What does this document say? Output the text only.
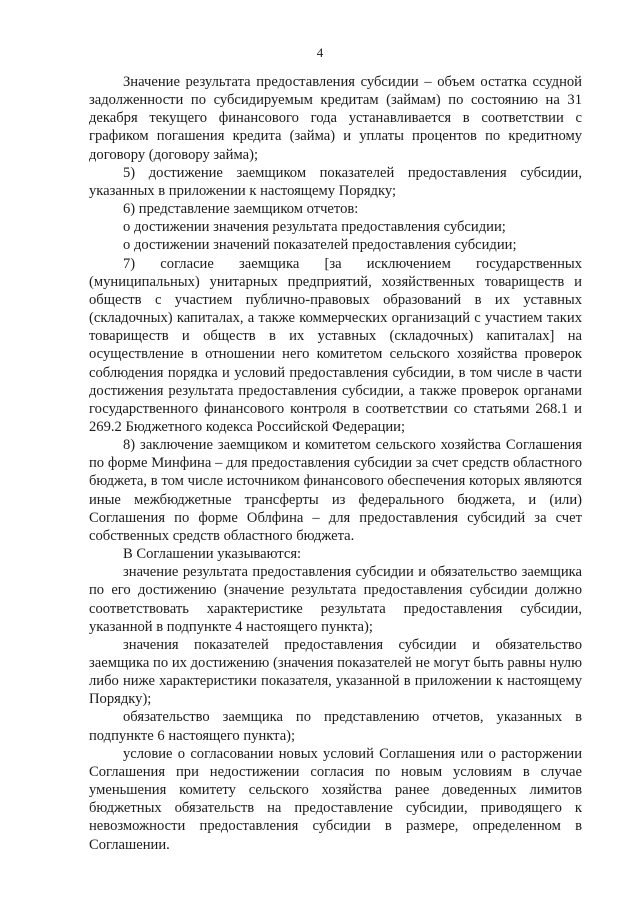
4

Значение результата предоставления субсидии – объем остатка ссудной задолженности по субсидируемым кредитам (займам) по состоянию на 31 декабря текущего финансового года устанавливается в соответствии с графиком погашения кредита (займа) и уплаты процентов по кредитному договору (договору займа);

5) достижение заемщиком показателей предоставления субсидии, указанных в приложении к настоящему Порядку;

6) представление заемщиком отчетов:

о достижении значения результата предоставления субсидии;

о достижении значений показателей предоставления субсидии;

7) согласие заемщика [за исключением государственных (муниципальных) унитарных предприятий, хозяйственных товариществ и обществ с участием публично-правовых образований в их уставных (складочных) капиталах, а также коммерческих организаций с участием таких товариществ и обществ в их уставных (складочных) капиталах] на осуществление в отношении него комитетом сельского хозяйства проверок соблюдения порядка и условий предоставления субсидии, в том числе в части достижения результата предоставления субсидии, а также проверок органами государственного финансового контроля в соответствии со статьями 268.1 и 269.2 Бюджетного кодекса Российской Федерации;

8) заключение заемщиком и комитетом сельского хозяйства Соглашения по форме Минфина – для предоставления субсидии за счет средств областного бюджета, в том числе источником финансового обеспечения которых являются иные межбюджетные трансферты из федерального бюджета, и (или) Соглашения по форме Облфина – для предоставления субсидий за счет собственных средств областного бюджета.

В Соглашении указываются:

значение результата предоставления субсидии и обязательство заемщика по его достижению (значение результата предоставления субсидии должно соответствовать характеристике результата предоставления субсидии, указанной в подпункте 4 настоящего пункта);

значения показателей предоставления субсидии и обязательство заемщика по их достижению (значения показателей не могут быть равны нулю либо ниже характеристики показателя, указанной в приложении к настоящему Порядку);

обязательство заемщика по представлению отчетов, указанных в подпункте 6 настоящего пункта);

условие о согласовании новых условий Соглашения или о расторжении Соглашения при недостижении согласия по новым условиям в случае уменьшения комитету сельского хозяйства ранее доведенных лимитов бюджетных обязательств на предоставление субсидии, приводящего к невозможности предоставления субсидии в размере, определенном в Соглашении.
